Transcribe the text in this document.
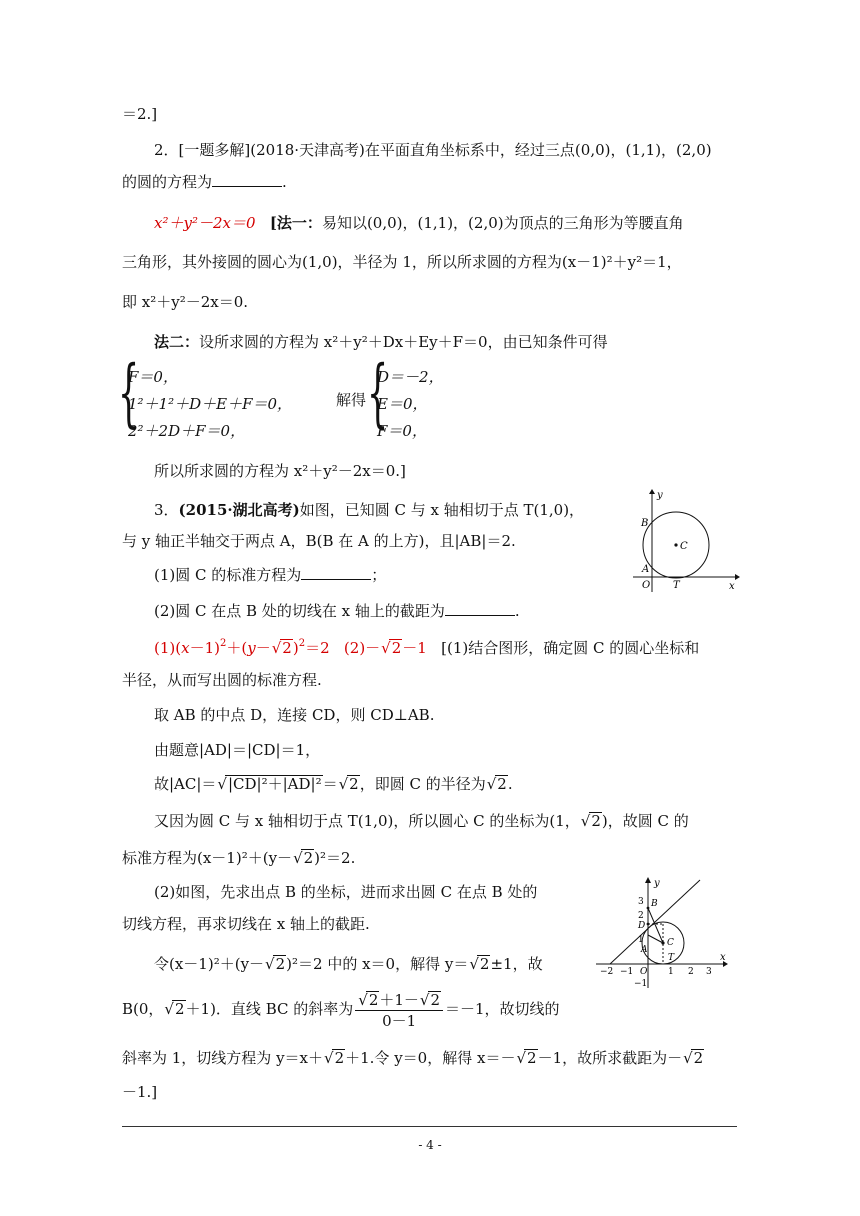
＝2.]
2．[一题多解](2018·天津高考)在平面直角坐标系中，经过三点(0,0)，(1,1)，(2,0)
的圆的方程为	.
x²＋y²－2x＝0 [法一：易知以(0,0)，(1,1)，(2,0)为顶点的三角形为等腰直角
三角形，其外接圆的圆心为(1,0)，半径为 1，所以所求圆的方程为(x－1)²＋y²＝1，
即 x²＋y²－2x＝0.
法二：设所求圆的方程为 x²＋y²＋Dx＋Ey＋F＝0，由已知条件可得
{
F＝0，
1²＋1²＋D＋E＋F＝0，
2²＋2D＋F＝0，
解得 {
D＝－2，
E＝0，
F＝0，
所以所求圆的方程为 x²＋y²－2x＝0.]
3．(2015·湖北高考)如图，已知圆 C 与 x 轴相切于点 T(1,0)，
与 y 轴正半轴交于两点 A，B(B 在 A 的上方)，且|AB|＝2.
(1)圆 C 的标准方程为	；
(2)圆 C 在点 B 处的切线在 x 轴上的截距为	.
y
x
B
C
A
O T
$(1)(x-1)^2+(y-√$ 2)$^2$＝2 (2)－√ 2－1 [(1)结合图形，确定圆 C 的圆心坐标和
半径，从而写出圆的标准方程.
取 AB 的中点 D，连接 CD，则 CD⊥AB.
由题意|AD|＝|CD|＝1，
故|AC|＝√ |CD|²＋|AD|²＝√ 2，即圆 C 的半径为√ 2.
又因为圆 C 与 x 轴相切于点 T(1,0)，所以圆心 C 的坐标为(1，√ 2)，故圆 C 的
标准方程为(x－1)²＋(y－√ 2)²＝2.
(2)如图，先求出点 B 的坐标，进而求出圆 C 在点 B 处的
切线方程，再求切线在 x 轴上的截距.
令(x－1)²＋(y－√ 2)²＝2 中的 x＝0，解得 y＝√ 2±1，故
B(0，√ 2＋1)．直线 BC 的斜率为
√ $\frac{2+1-√ 2}{0-1} =-1$，故切线的
斜率为 1，切线方程为 y＝x＋√ 2＋1.令 y＝0，解得 x＝－√ 2－1，故所求截距为－√ 2
－1.]
y
x
3 B
2
D
1
A
C
T
O
−2 −1	1 2 3
−1
- 4 -
